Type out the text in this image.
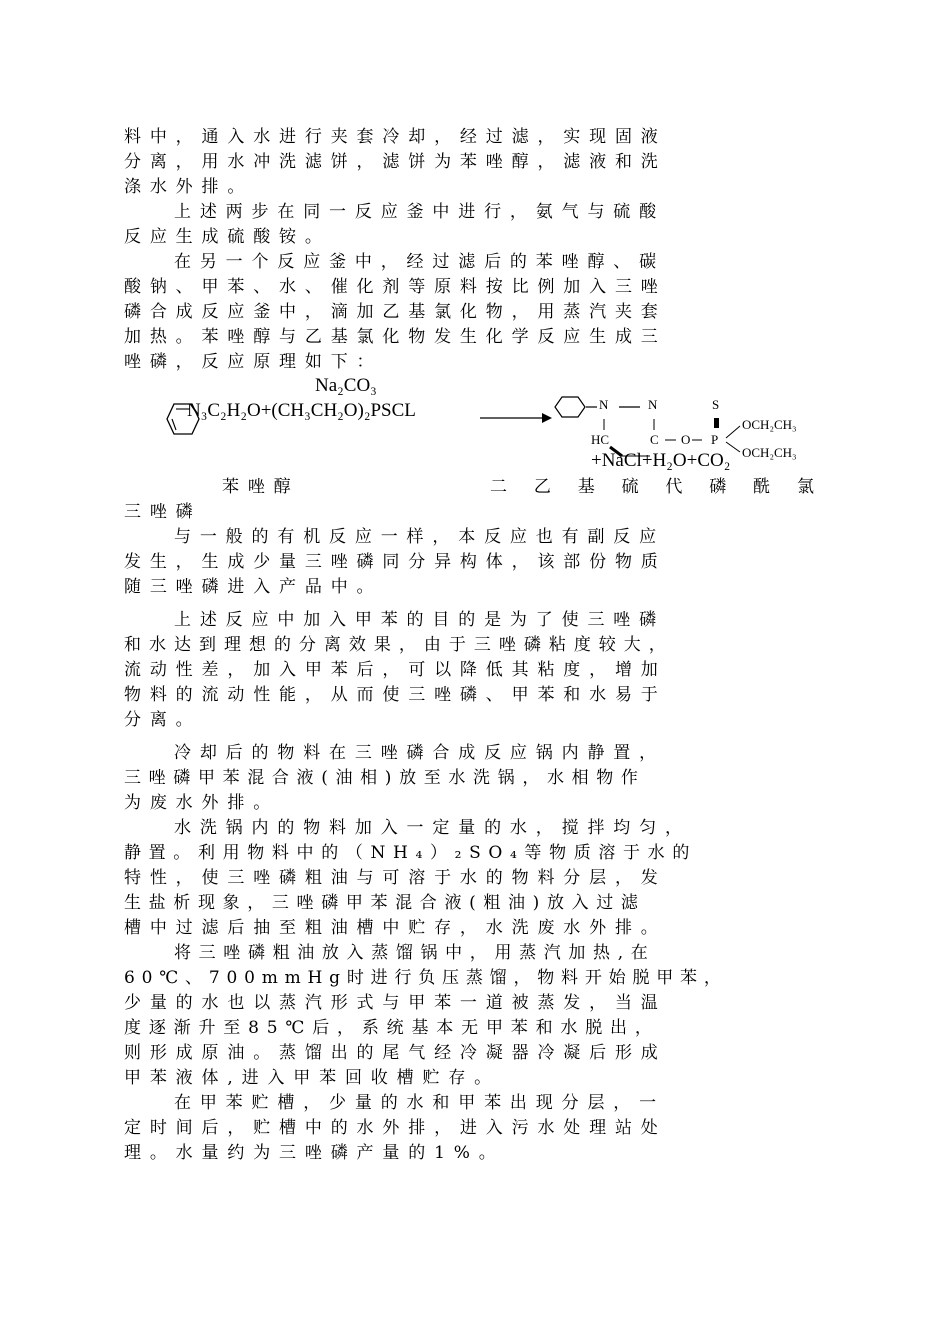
料中，通入水进行夹套冷却，经过滤，实现固液
分离，用水冲洗滤饼，滤饼为苯唑醇，滤液和洗
涤水外排。
上述两步在同一反应釜中进行，氨气与硫酸
反应生成硫酸铵。
在另一个反应釜中，经过滤后的苯唑醇、碳
酸钠、甲苯、水、催化剂等原料按比例加入三唑
磷合成反应釜中，滴加乙基氯化物，用蒸汽夹套
加热。苯唑醇与乙基氯化物发生化学反应生成三
唑磷，反应原理如下：
Na₂CO₃
N₃C₂H₂O+(CH₃CH₂O)₂PSCL	N	N	S
HC	C O P
OCH₂CH₃
OCH₂CH₃
+NaCl+H₂O+CO₂
苯唑醇	二乙基硫代磷酰氯
三唑磷
与一般的有机反应一样，本反应也有副反应
发生，生成少量三唑磷同分异构体，该部份物质
随三唑磷进入产品中。
上述反应中加入甲苯的目的是为了使三唑磷
和水达到理想的分离效果，由于三唑磷粘度较大，
流动性差，加入甲苯后，可以降低其粘度，增加
物料的流动性能，从而使三唑磷、甲苯和水易于
分离。
冷却后的物料在三唑磷合成反应锅内静置，
三唑磷甲苯混合液(油相)放至水洗锅，水相物作
为废水外排。
水洗锅内的物料加入一定量的水，搅拌均匀，
静置。利用物料中的（NH₄）₂SO₄等物质溶于水的
特性，使三唑磷粗油与可溶于水的物料分层，发
生盐析现象，三唑磷甲苯混合液(粗油)放入过滤
槽中过滤后抽至粗油槽中贮存，水洗废水外排。
将三唑磷粗油放入蒸馏锅中，用蒸汽加热,在
60℃、700mmHg时进行负压蒸馏，物料开始脱甲苯，
少量的水也以蒸汽形式与甲苯一道被蒸发，当温
度逐渐升至85℃后，系统基本无甲苯和水脱出，
则形成原油。蒸馏出的尾气经冷凝器冷凝后形成
甲苯液体,进入甲苯回收槽贮存。
在甲苯贮槽，少量的水和甲苯出现分层，一
定时间后，贮槽中的水外排，进入污水处理站处
理。水量约为三唑磷产量的1%。
